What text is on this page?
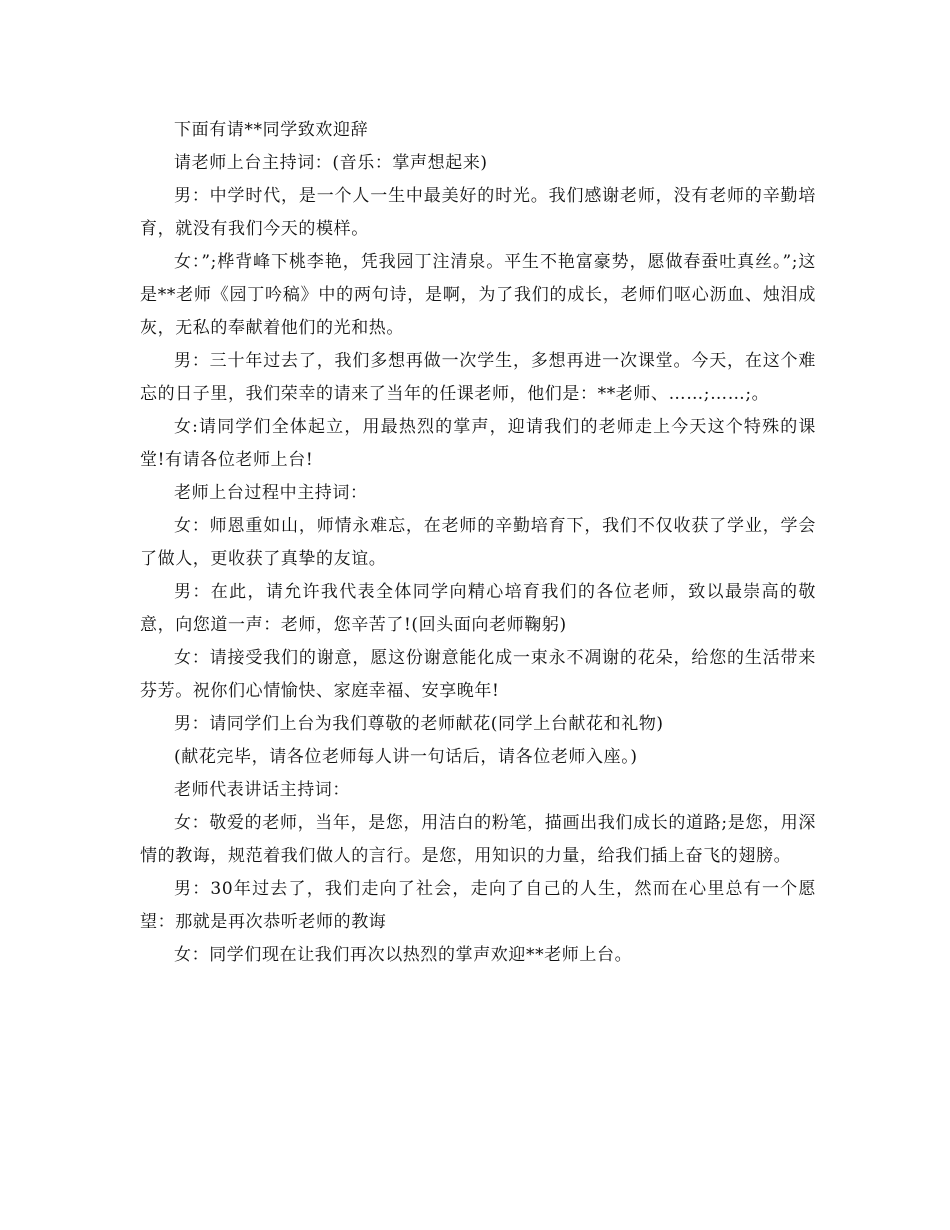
下面有请**同学致欢迎辞

请老师上台主持词：(音乐：掌声想起来)

男：中学时代，是一个人一生中最美好的时光。我们感谢老师，没有老师的辛勤培育，就没有我们今天的模样。

女：”;桦背峰下桃李艳，凭我园丁注清泉。平生不艳富豪势，愿做春蚕吐真丝。”;这是**老师《园丁吟稿》中的两句诗，是啊，为了我们的成长，老师们呕心沥血、烛泪成灰，无私的奉献着他们的光和热。

男：三十年过去了，我们多想再做一次学生，多想再进一次课堂。今天，在这个难忘的日子里，我们荣幸的请来了当年的任课老师，他们是：**老师、……;……;。

女:请同学们全体起立，用最热烈的掌声，迎请我们的老师走上今天这个特殊的课堂!有请各位老师上台!

老师上台过程中主持词：

女：师恩重如山，师情永难忘，在老师的辛勤培育下，我们不仅收获了学业，学会了做人，更收获了真挚的友谊。

男：在此，请允许我代表全体同学向精心培育我们的各位老师，致以最崇高的敬意，向您道一声：老师，您辛苦了!(回头面向老师鞠躬)

女：请接受我们的谢意，愿这份谢意能化成一束永不凋谢的花朵，给您的生活带来芬芳。祝你们心情愉快、家庭幸福、安享晚年!

男：请同学们上台为我们尊敬的老师献花(同学上台献花和礼物)

(献花完毕，请各位老师每人讲一句话后，请各位老师入座。)

老师代表讲话主持词：

女：敬爱的老师，当年，是您，用洁白的粉笔，描画出我们成长的道路;是您，用深情的教诲，规范着我们做人的言行。是您，用知识的力量，给我们插上奋飞的翅膀。

男：30年过去了，我们走向了社会，走向了自己的人生，然而在心里总有一个愿望：那就是再次恭听老师的教诲

女：同学们现在让我们再次以热烈的掌声欢迎**老师上台。
